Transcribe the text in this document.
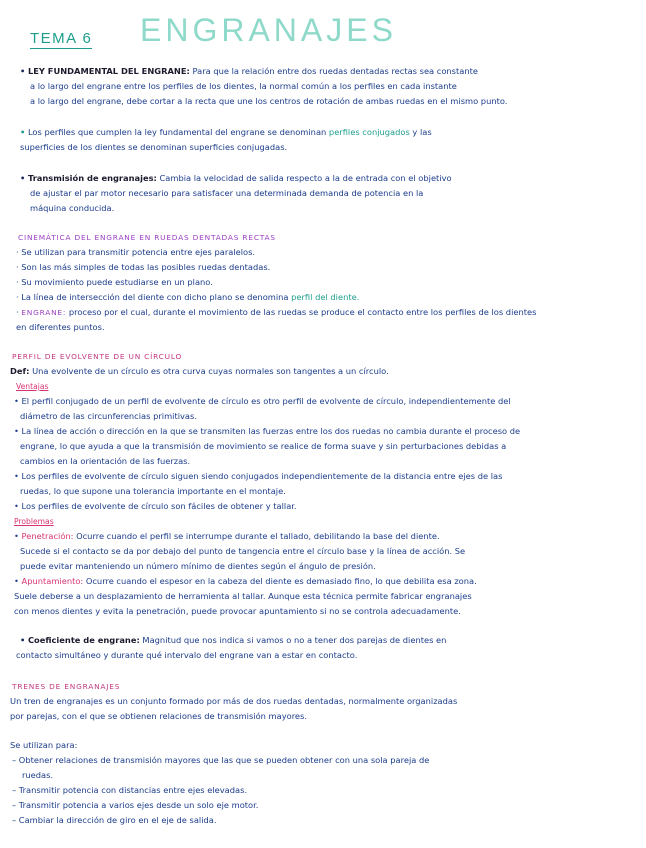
TEMA 6 ENGRANAJES

• LEY FUNDAMENTAL DEL ENGRANE: Para que la relación entre dos ruedas dentadas rectas sea constante

a lo largo del engrane entre los perfiles de los dientes, la normal común a los perfiles en cada instante

a lo largo del engrane, debe cortar a la recta que une los centros de rotación de ambas ruedas en el mismo punto.

• Los perfiles que cumplen la ley fundamental del engrane se denominan perfiles conjugados y las

superficies de los dientes se denominan superficies conjugadas.

• Transmisión de engranajes: Cambia la velocidad de salida respecto a la de entrada con el objetivo

de ajustar el par motor necesario para satisfacer una determinada demanda de potencia en la

máquina conducida.

CINEMÁTICA DEL ENGRANE EN RUEDAS DENTADAS RECTAS

· Se utilizan para transmitir potencia entre ejes paralelos.

· Son las más simples de todas las posibles ruedas dentadas.

· Su movimiento puede estudiarse en un plano.

· La línea de intersección del diente con dicho plano se denomina perfil del diente.

· ENGRANE: proceso por el cual, durante el movimiento de las ruedas se produce el contacto entre los perfiles de los dientes

en diferentes puntos.

PERFIL DE EVOLVENTE DE UN CÍRCULO

Def: Una evolvente de un círculo es otra curva cuyas normales son tangentes a un círculo.

Ventajas

• El perfil conjugado de un perfil de evolvente de círculo es otro perfil de evolvente de círculo, independientemente del

diámetro de las circunferencias primitivas.

• La línea de acción o dirección en la que se transmiten las fuerzas entre los dos ruedas no cambia durante el proceso de

engrane, lo que ayuda a que la transmisión de movimiento se realice de forma suave y sin perturbaciones debidas a

cambios en la orientación de las fuerzas.

• Los perfiles de evolvente de círculo siguen siendo conjugados independientemente de la distancia entre ejes de las

ruedas, lo que supone una tolerancia importante en el montaje.

• Los perfiles de evolvente de círculo son fáciles de obtener y tallar.

Problemas

• Penetración: Ocurre cuando el perfil se interrumpe durante el tallado, debilitando la base del diente.

Sucede si el contacto se da por debajo del punto de tangencia entre el círculo base y la línea de acción. Se

puede evitar manteniendo un número mínimo de dientes según el ángulo de presión.

• Apuntamiento: Ocurre cuando el espesor en la cabeza del diente es demasiado fino, lo que debilita esa zona.

Suele deberse a un desplazamiento de herramienta al tallar. Aunque esta técnica permite fabricar engranajes

con menos dientes y evita la penetración, puede provocar apuntamiento si no se controla adecuadamente.

• Coeficiente de engrane: Magnitud que nos indica si vamos o no a tener dos parejas de dientes en

contacto simultáneo y durante qué intervalo del engrane van a estar en contacto.

TRENES DE ENGRANAJES

Un tren de engranajes es un conjunto formado por más de dos ruedas dentadas, normalmente organizadas

por parejas, con el que se obtienen relaciones de transmisión mayores.

Se utilizan para:

– Obtener relaciones de transmisión mayores que las que se pueden obtener con una sola pareja de

ruedas.

– Transmitir potencia con distancias entre ejes elevadas.

– Transmitir potencia a varios ejes desde un solo eje motor.

– Cambiar la dirección de giro en el eje de salida.
